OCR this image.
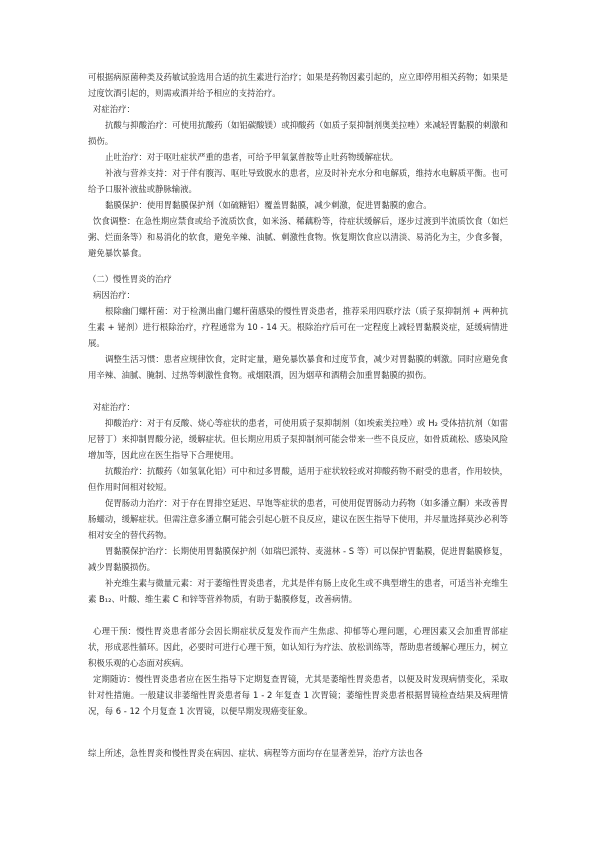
可根据病原菌种类及药敏试验选用合适的抗生素进行治疗；如果是药物因素引起的，应立即停用相关药物；如果是过度饮酒引起的，则需戒酒并给予相应的支持治疗。

对症治疗：

抗酸与抑酸治疗：可使用抗酸药（如铝碳酸镁）或抑酸药（如质子泵抑制剂奥美拉唑）来减轻胃黏膜的刺激和损伤。

止吐治疗：对于呕吐症状严重的患者，可给予甲氧氯普胺等止吐药物缓解症状。

补液与营养支持：对于伴有腹泻、呕吐导致脱水的患者，应及时补充水分和电解质，维持水电解质平衡。也可给予口服补液盐或静脉输液。

黏膜保护：使用胃黏膜保护剂（如硫糖铝）覆盖胃黏膜，减少刺激，促进胃黏膜的愈合。

饮食调整：在急性期应禁食或给予流质饮食，如米汤、稀藕粉等，待症状缓解后，逐步过渡到半流质饮食（如烂粥、烂面条等）和易消化的软食，避免辛辣、油腻、刺激性食物。恢复期饮食应以清淡、易消化为主，少食多餐，避免暴饮暴食。

（二）慢性胃炎的治疗

病因治疗：

根除幽门螺杆菌：对于检测出幽门螺杆菌感染的慢性胃炎患者，推荐采用四联疗法（质子泵抑制剂 + 两种抗生素 + 铋剂）进行根除治疗，疗程通常为 10 - 14 天。根除治疗后可在一定程度上减轻胃黏膜炎症，延缓病情进展。

调整生活习惯：患者应规律饮食，定时定量，避免暴饮暴食和过度节食，减少对胃黏膜的刺激。同时应避免食用辛辣、油腻、腌制、过热等刺激性食物。戒烟限酒，因为烟草和酒精会加重胃黏膜的损伤。

对症治疗：

抑酸治疗：对于有反酸、烧心等症状的患者，可使用质子泵抑制剂（如埃索美拉唑）或 H₂ 受体拮抗剂（如雷尼替丁）来抑制胃酸分泌，缓解症状。但长期应用质子泵抑制剂可能会带来一些不良反应，如骨质疏松、感染风险增加等，因此应在医生指导下合理使用。

抗酸治疗：抗酸药（如氢氧化铝）可中和过多胃酸，适用于症状较轻或对抑酸药物不耐受的患者，作用较快，但作用时间相对较短。

促胃肠动力治疗：对于存在胃排空延迟、早饱等症状的患者，可使用促胃肠动力药物（如多潘立酮）来改善胃肠蠕动，缓解症状。但需注意多潘立酮可能会引起心脏不良反应，建议在医生指导下使用，并尽量选择莫沙必利等相对安全的替代药物。

胃黏膜保护治疗：长期使用胃黏膜保护剂（如瑞巴派特、麦滋林 - S 等）可以保护胃黏膜，促进胃黏膜修复，减少胃黏膜损伤。

补充维生素与微量元素：对于萎缩性胃炎患者，尤其是伴有肠上皮化生或不典型增生的患者，可适当补充维生素 B₁₂、叶酸、维生素 C 和锌等营养物质，有助于黏膜修复，改善病情。

心理干预：慢性胃炎患者部分会因长期症状反复发作而产生焦虑、抑郁等心理问题，心理因素又会加重胃部症状，形成恶性循环。因此，必要时可进行心理干预，如认知行为疗法、放松训练等，帮助患者缓解心理压力，树立积极乐观的心态面对疾病。

定期随访：慢性胃炎患者应在医生指导下定期复查胃镜，尤其是萎缩性胃炎患者，以便及时发现病情变化，采取针对性措施。一般建议非萎缩性胃炎患者每 1 - 2 年复查 1 次胃镜；萎缩性胃炎患者根据胃镜检查结果及病理情况，每 6 - 12 个月复查 1 次胃镜，以便早期发现癌变征象。

综上所述，急性胃炎和慢性胃炎在病因、症状、病程等方面均存在显著差异，治疗方法也各
